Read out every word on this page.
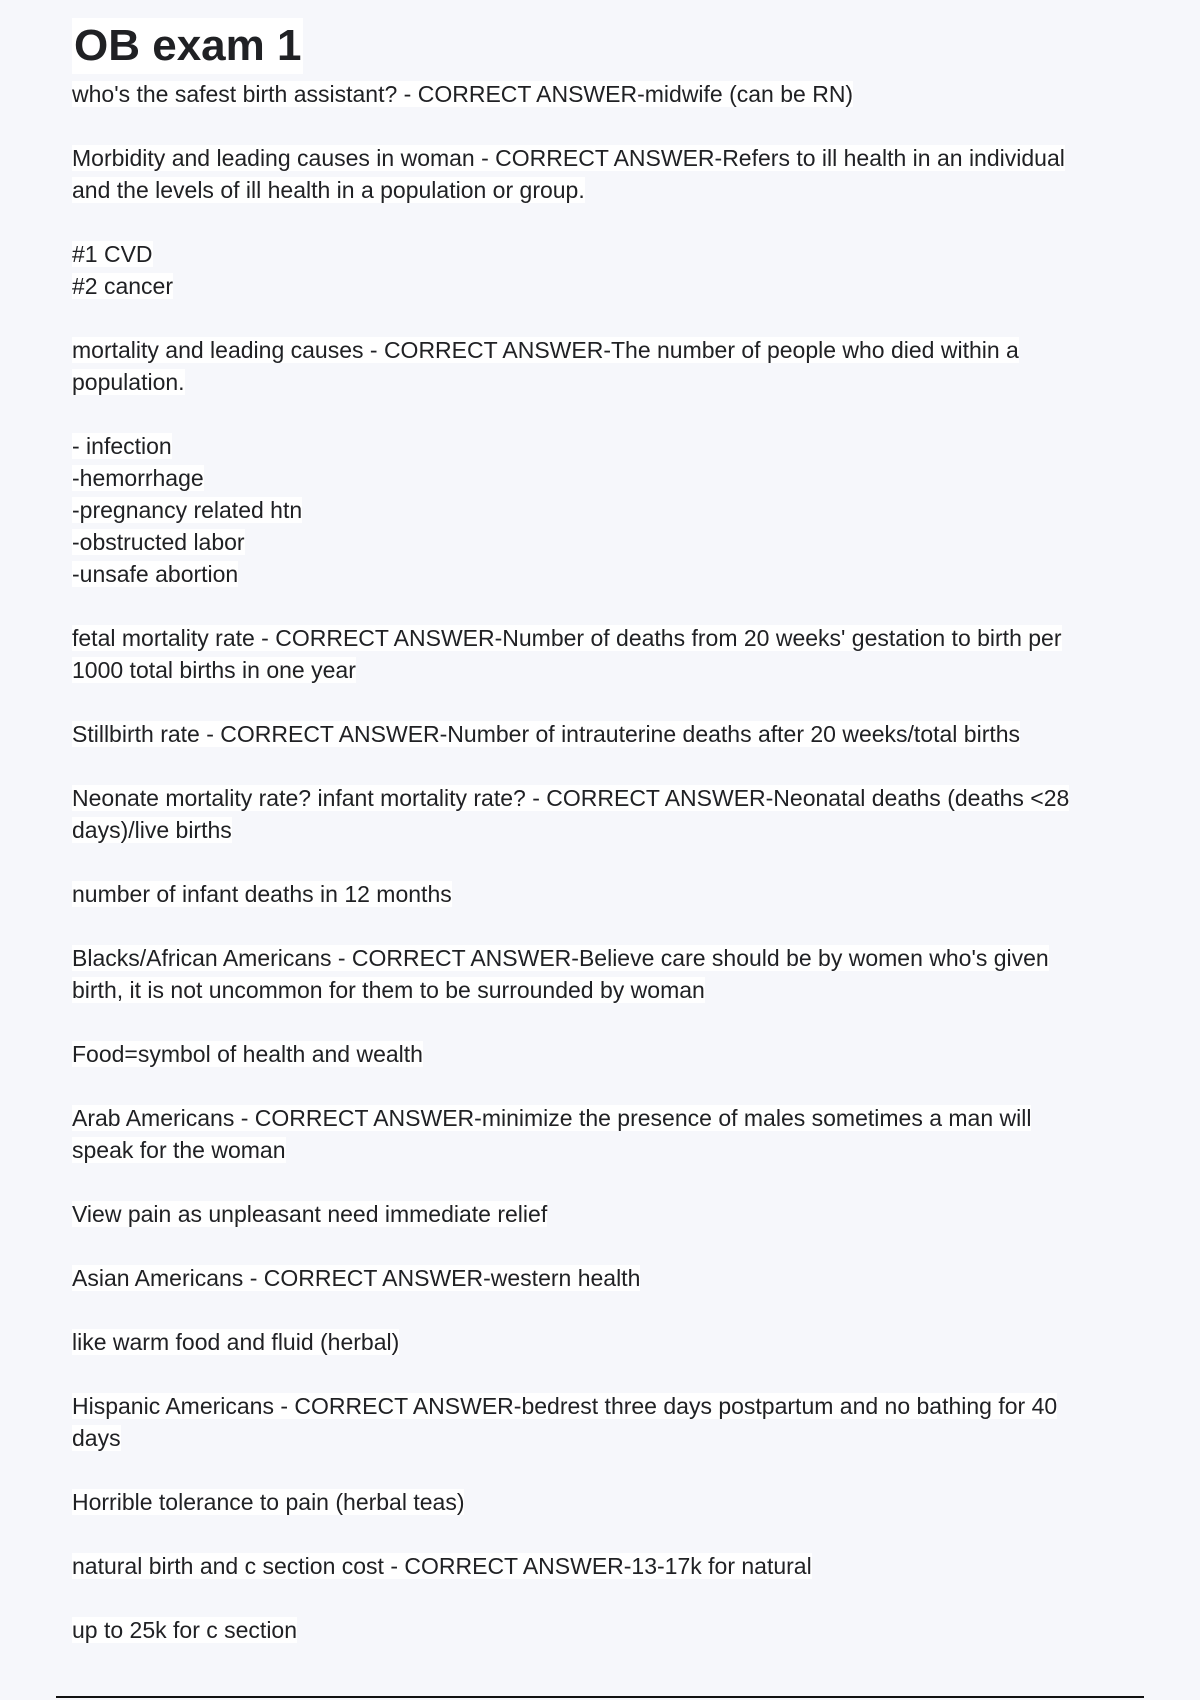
OB exam 1
who's the safest birth assistant? - CORRECT ANSWER-midwife (can be RN)
Morbidity and leading causes in woman - CORRECT ANSWER-Refers to ill health in an individual
and the levels of ill health in a population or group.
#1 CVD
#2 cancer
mortality and leading causes - CORRECT ANSWER-The number of people who died within a
population.
- infection
-hemorrhage
-pregnancy related htn
-obstructed labor
-unsafe abortion
fetal mortality rate - CORRECT ANSWER-Number of deaths from 20 weeks' gestation to birth per
1000 total births in one year
Stillbirth rate - CORRECT ANSWER-Number of intrauterine deaths after 20 weeks/total births
Neonate mortality rate? infant mortality rate? - CORRECT ANSWER-Neonatal deaths (deaths <28
days)/live births
number of infant deaths in 12 months
Blacks/African Americans - CORRECT ANSWER-Believe care should be by women who's given
birth, it is not uncommon for them to be surrounded by woman
Food=symbol of health and wealth
Arab Americans - CORRECT ANSWER-minimize the presence of males sometimes a man will
speak for the woman
View pain as unpleasant need immediate relief
Asian Americans - CORRECT ANSWER-western health
like warm food and fluid (herbal)
Hispanic Americans - CORRECT ANSWER-bedrest three days postpartum and no bathing for 40
days
Horrible tolerance to pain (herbal teas)
natural birth and c section cost - CORRECT ANSWER-13-17k for natural
up to 25k for c section
